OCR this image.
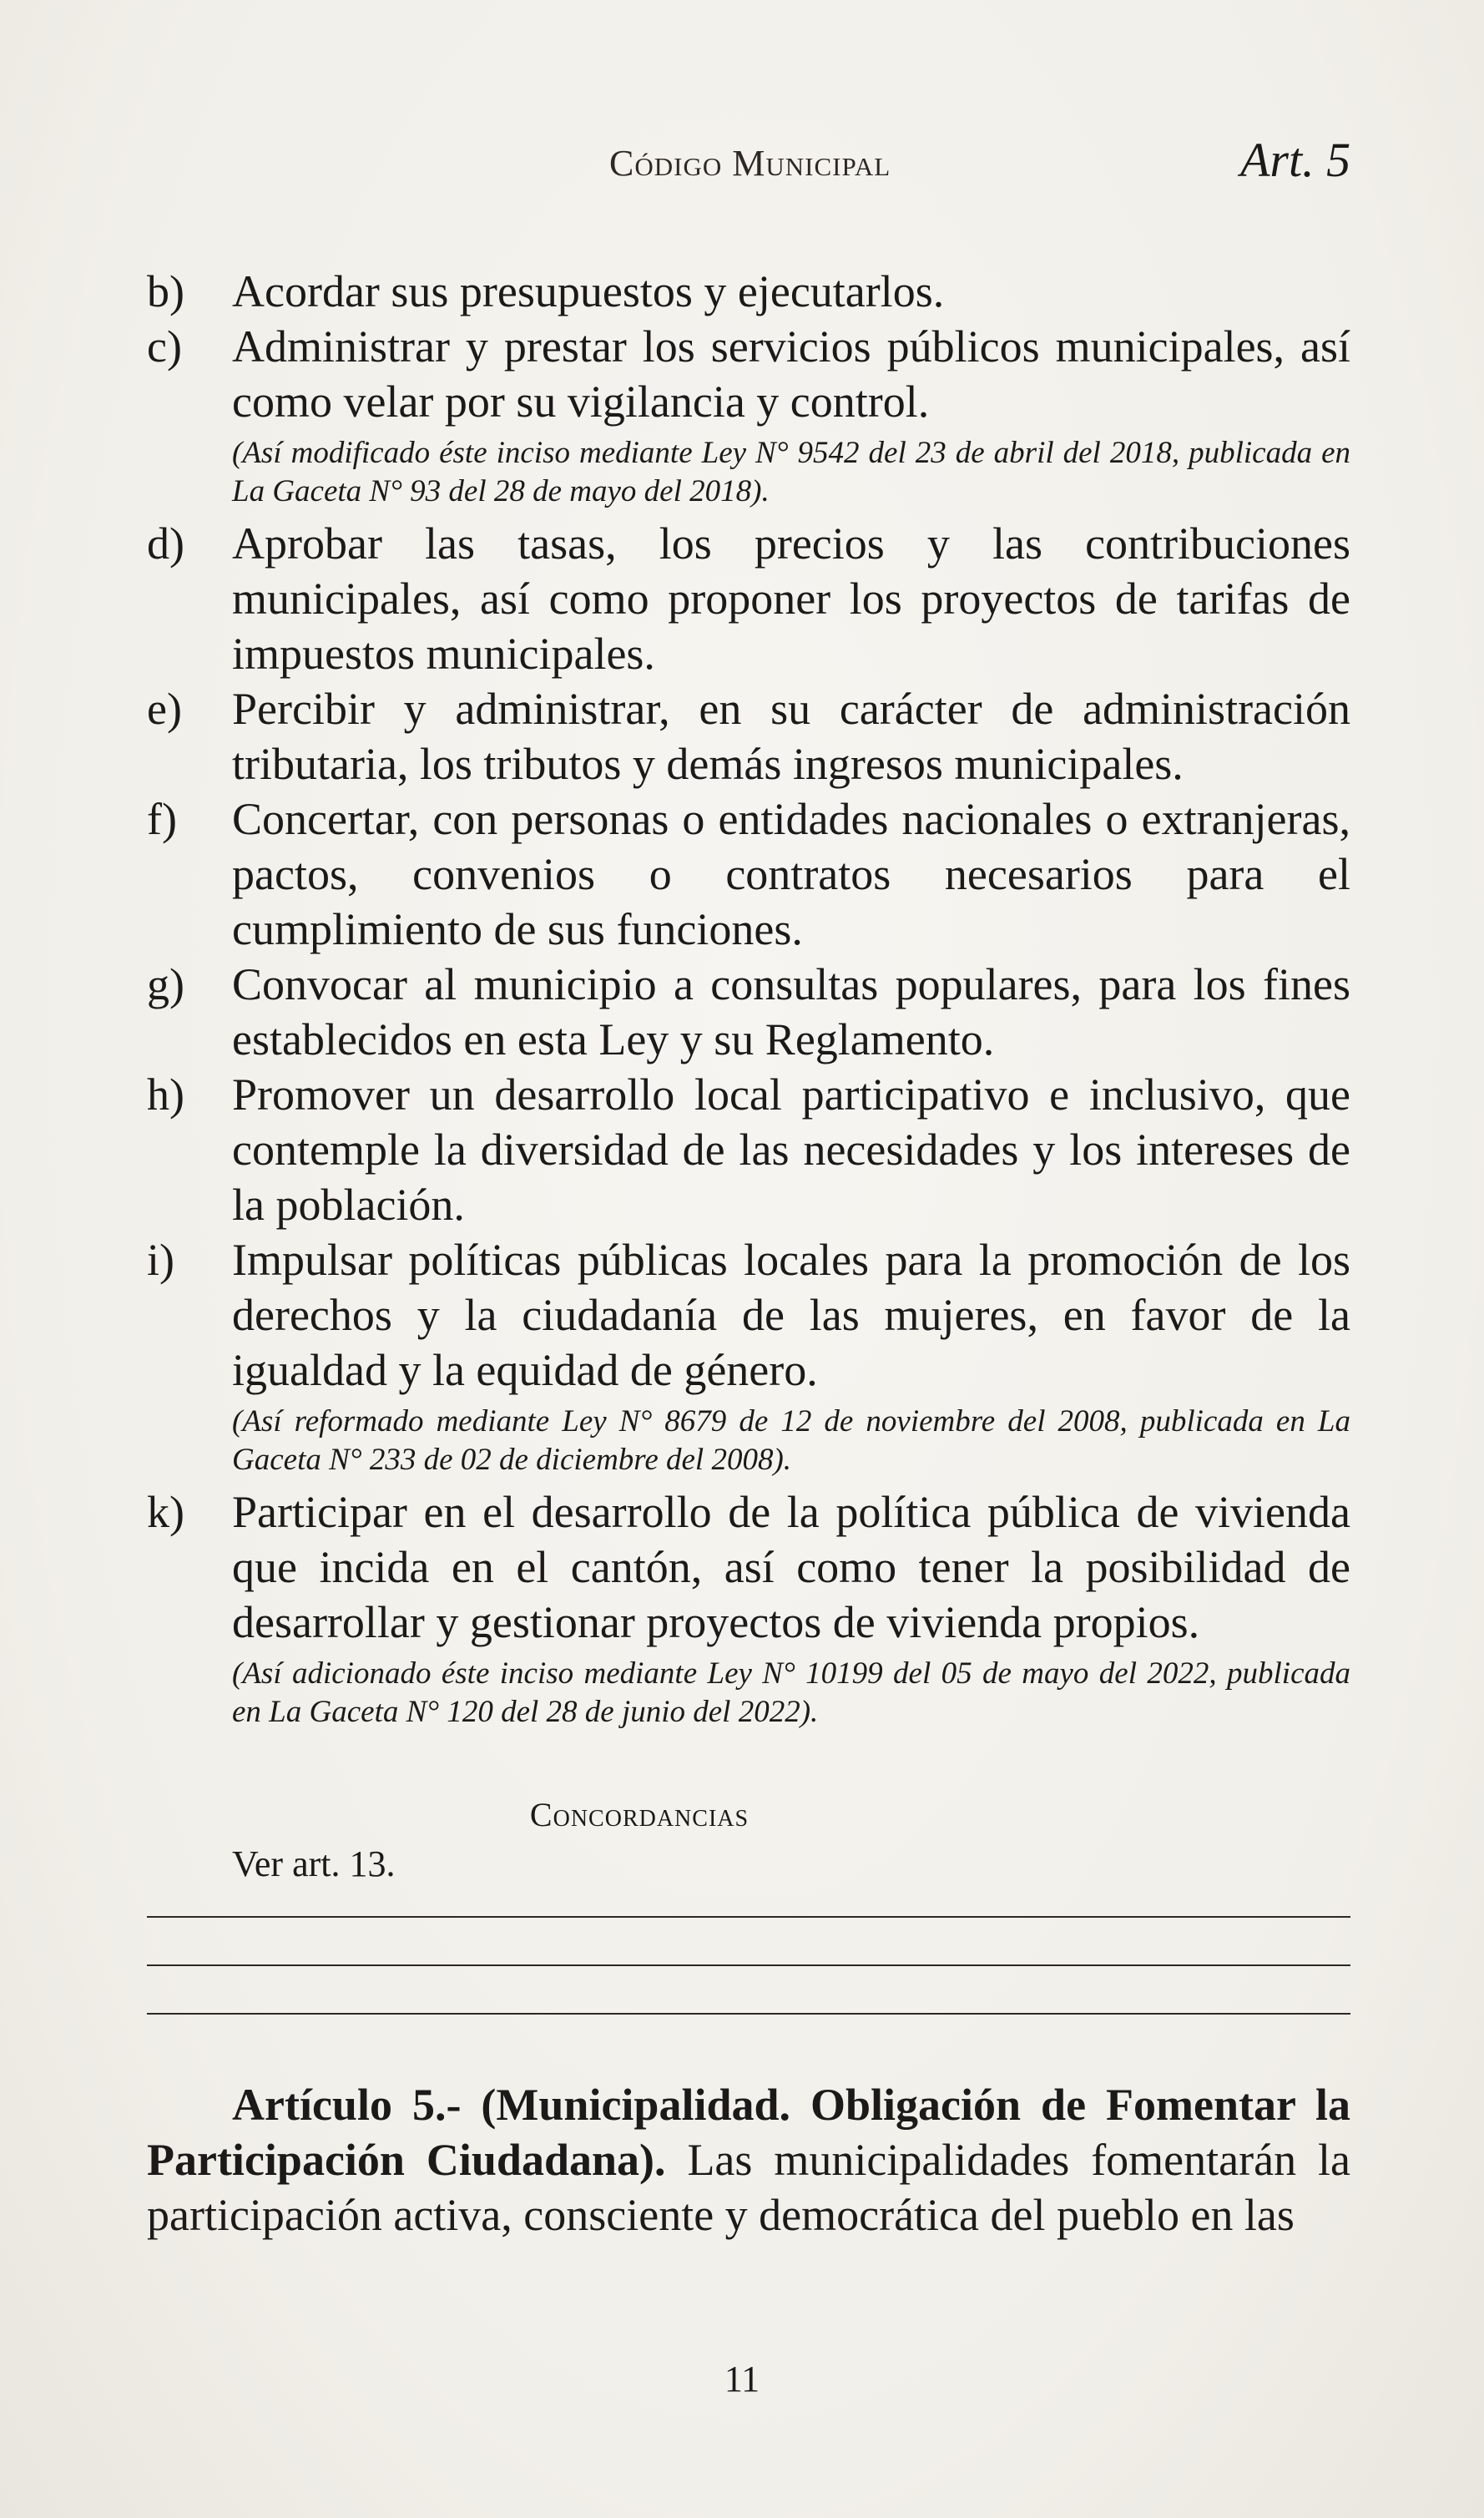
Código Municipal	Art. 5
b)	Acordar sus presupuestos y ejecutarlos.
c)	Administrar y prestar los servicios públicos municipales, así como velar por su vigilancia y control.
(Así modificado éste inciso mediante Ley N° 9542 del 23 de abril del 2018, publicada en La Gaceta N° 93 del 28 de mayo del 2018).
d)	Aprobar las tasas, los precios y las contribuciones municipales, así como proponer los proyectos de tarifas de impuestos municipales.
e)	Percibir y administrar, en su carácter de administración tributaria, los tributos y demás ingresos municipales.
f)	Concertar, con personas o entidades nacionales o extranjeras, pactos, convenios o contratos necesarios para el cumplimiento de sus funciones.
g)	Convocar al municipio a consultas populares, para los fines establecidos en esta Ley y su Reglamento.
h)	Promover un desarrollo local participativo e inclusivo, que contemple la diversidad de las necesidades y los intereses de la población.
i)	Impulsar políticas públicas locales para la promoción de los derechos y la ciudadanía de las mujeres, en favor de la igualdad y la equidad de género.
(Así reformado mediante Ley N° 8679 de 12 de noviembre del 2008, publicada en La Gaceta N° 233 de 02 de diciembre del 2008).
k)	Participar en el desarrollo de la política pública de vivienda que incida en el cantón, así como tener la posibilidad de desarrollar y gestionar proyectos de vivienda propios.
(Así adicionado éste inciso mediante Ley N° 10199 del 05 de mayo del 2022, publicada en La Gaceta N° 120 del 28 de junio del 2022).
Concordancias
Ver art. 13.
Artículo 5.- (Municipalidad. Obligación de Fomentar la Participación Ciudadana). Las municipalidades fomentarán la participación activa, consciente y democrática del pueblo en las
11
